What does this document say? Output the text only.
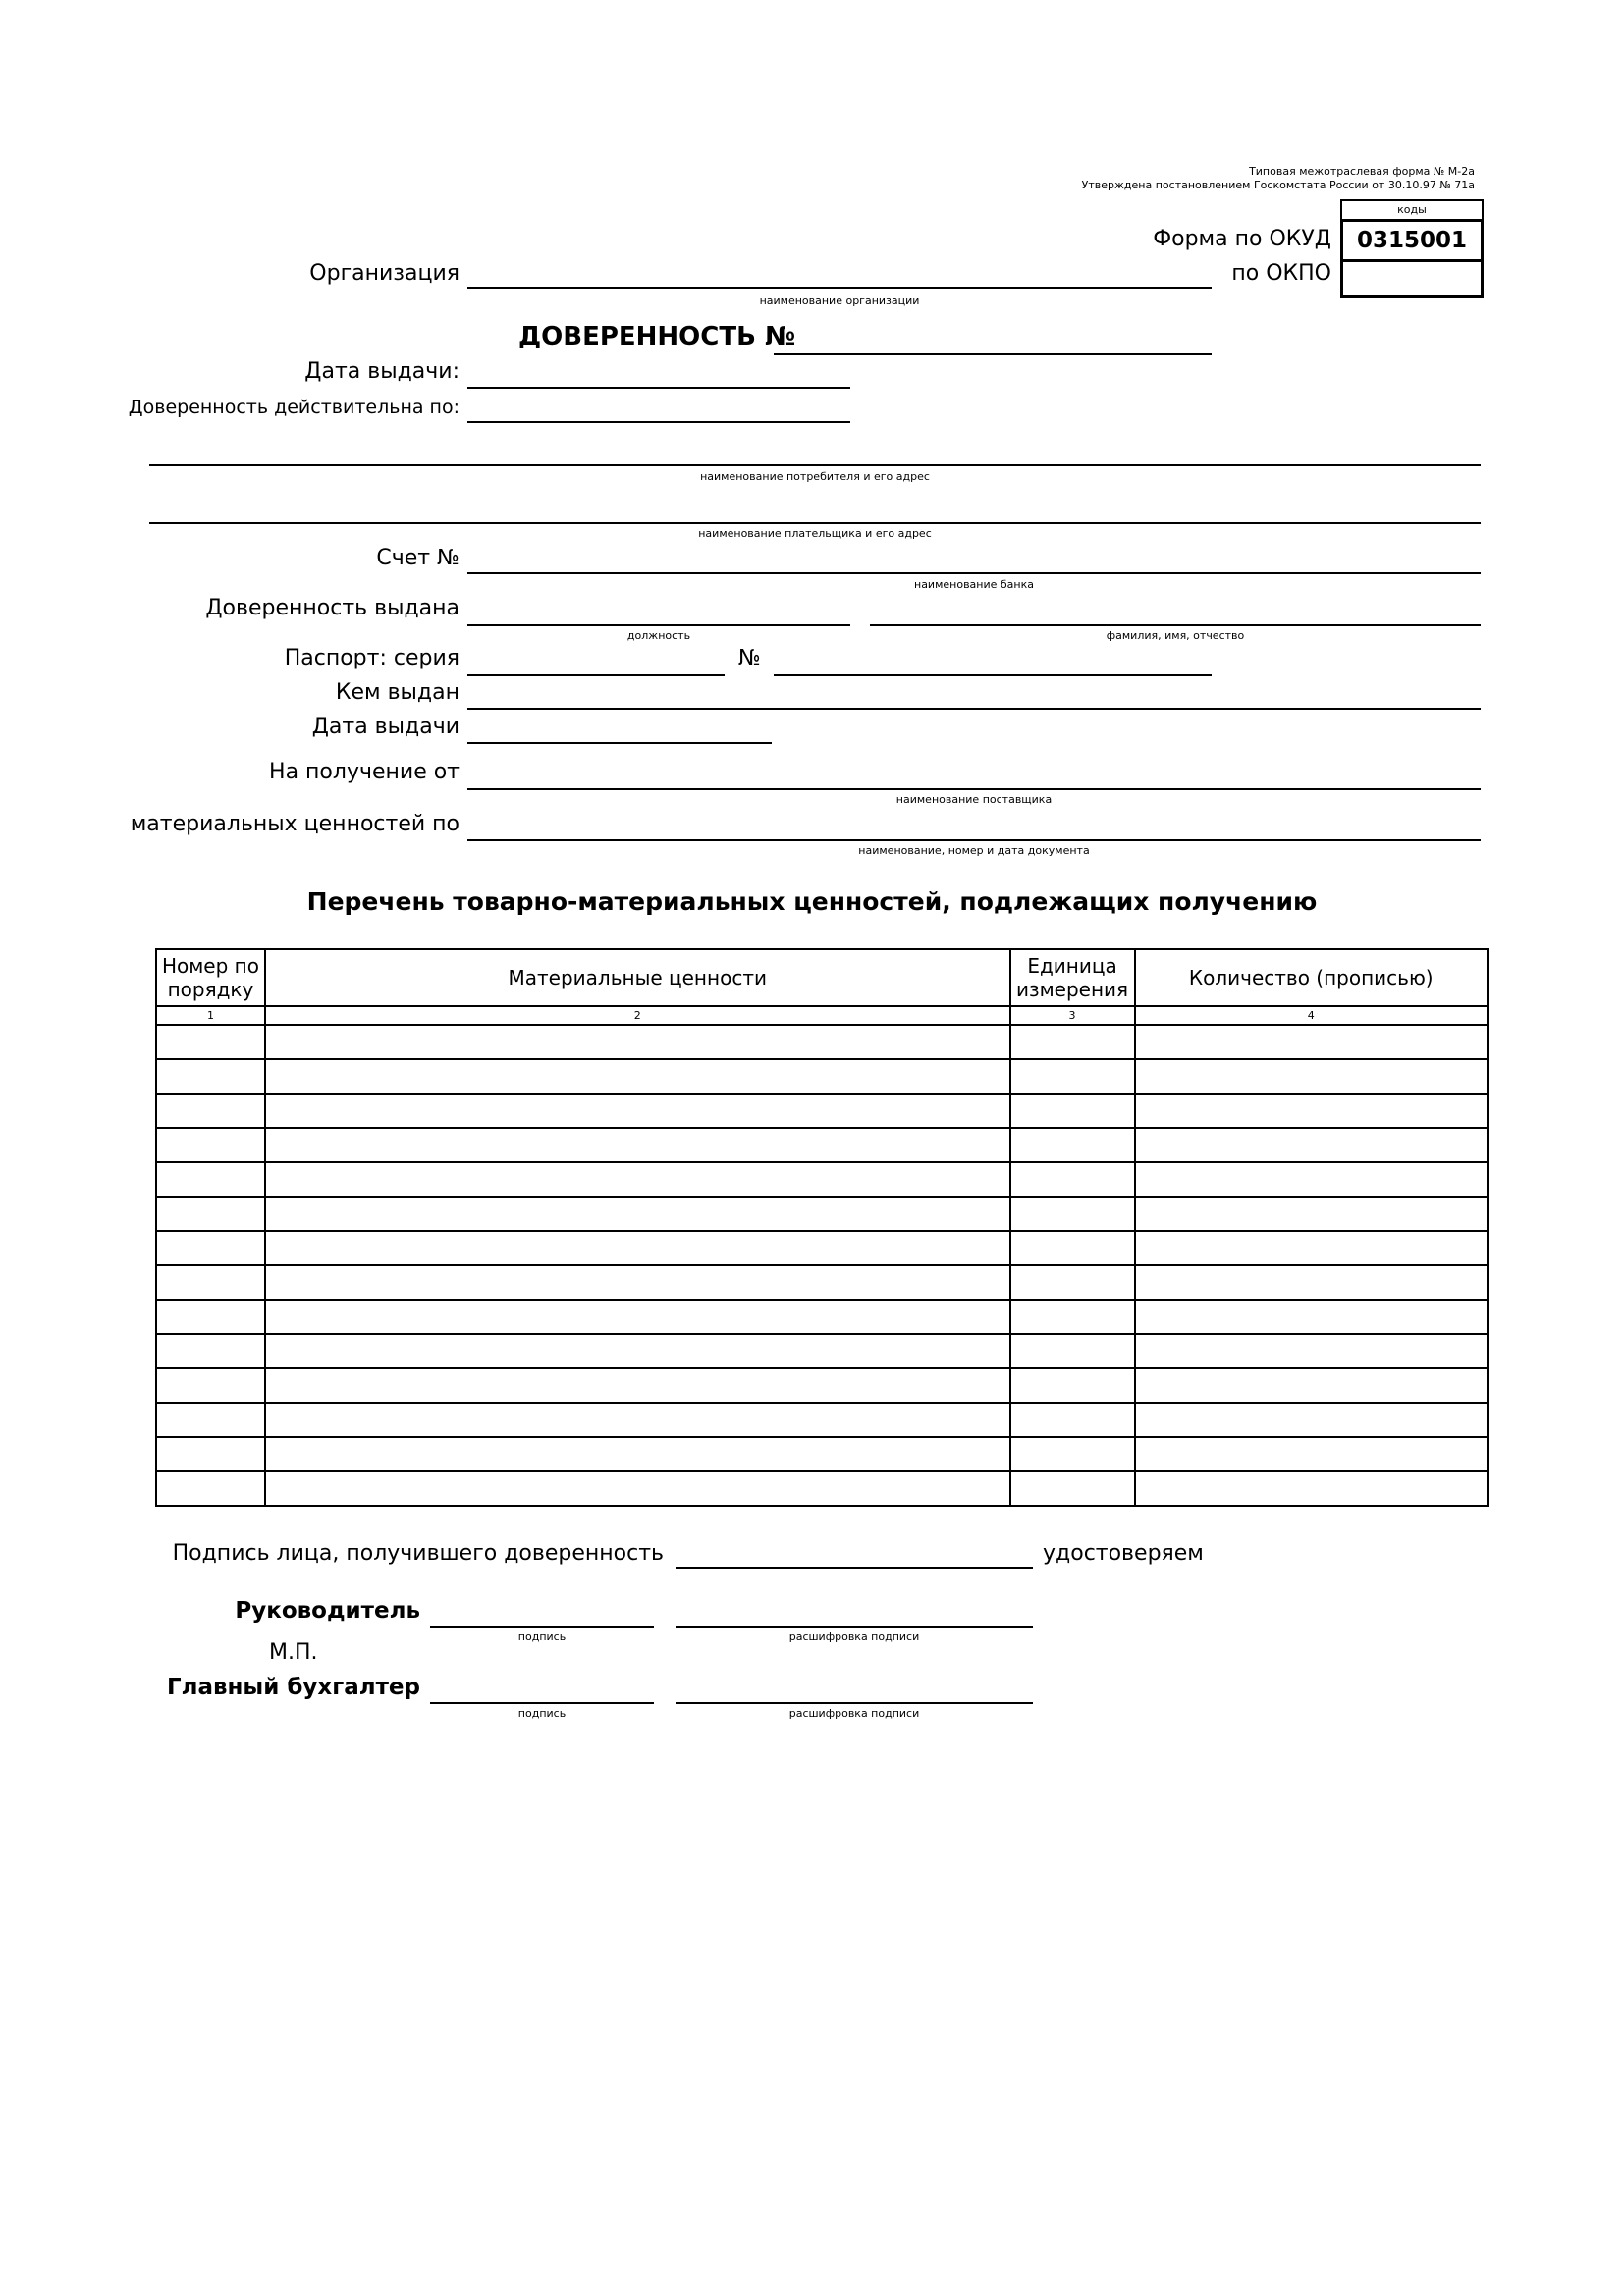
Типовая межотраслевая форма № М-2а
Утверждена постановлением Госкомстата России от 30.10.97 № 71а
коды
0315001
Форма по ОКУД
по ОКПО
Организация
наименование организации
ДОВЕРЕННОСТЬ №
Дата выдачи:
Доверенность действительна по:
наименование потребителя и его адрес
наименование плательщика и его адрес
Счет №
наименование банка
Доверенность выдана
должность	фамилия, имя, отчество
Паспорт: серия	№
Кем выдан
Дата выдачи
На получение от
наименование поставщика
материальных ценностей по
наименование, номер и дата документа
Перечень товарно-материальных ценностей, подлежащих получению
Номер по порядку	Материальные ценности	Единица измерения	Количество (прописью)
1	2	3	4

Подпись лица, получившего доверенность	удостоверяем
Руководитель
подпись	расшифровка подписи
М.П.
Главный бухгалтер
подпись	расшифровка подписи
